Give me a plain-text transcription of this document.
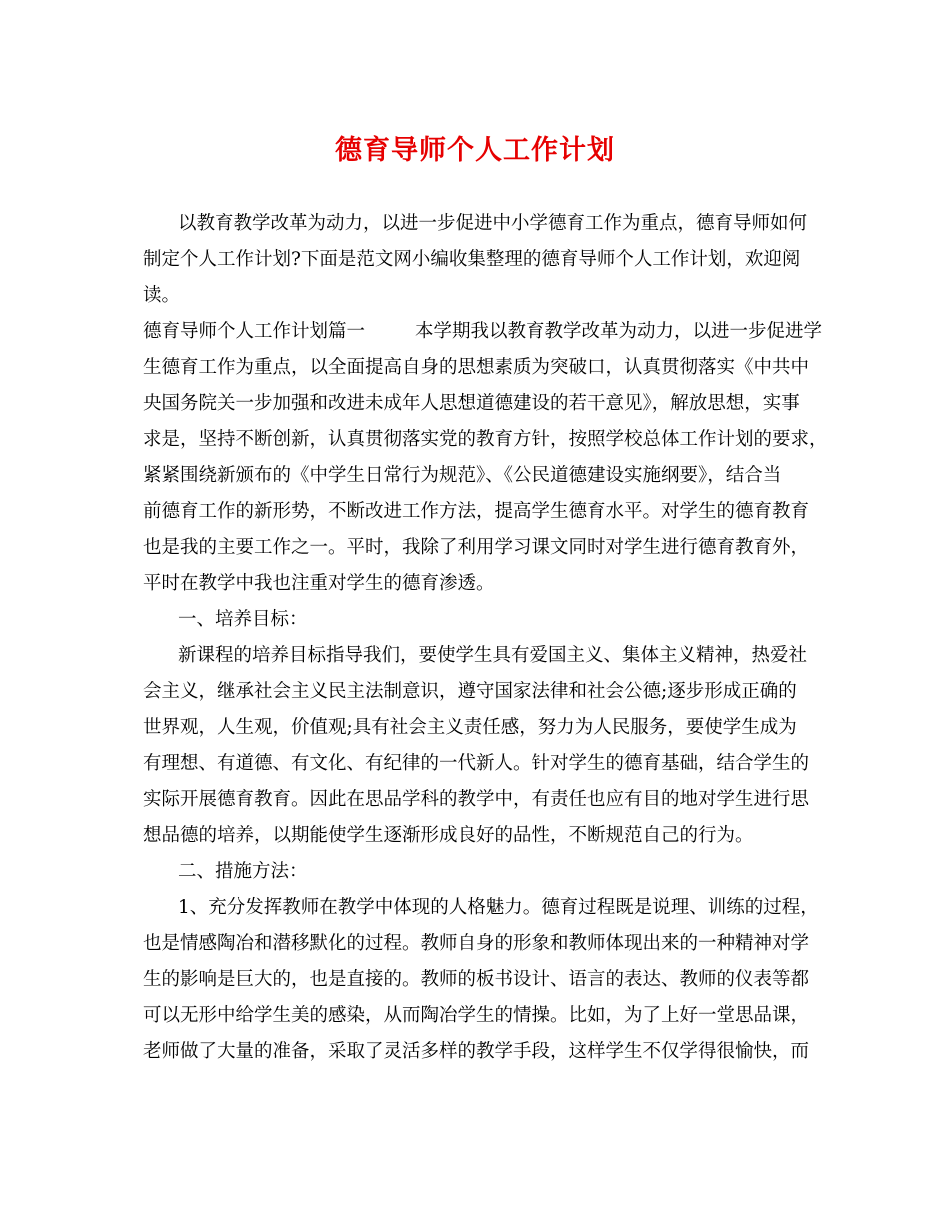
德育导师个人工作计划
以教育教学改革为动力，以进一步促进中小学德育工作为重点，德育导师如何
制定个人工作计划?下面是范文网小编收集整理的德育导师个人工作计划，欢迎阅
读。
德育导师个人工作计划篇一	本学期我以教育教学改革为动力，以进一步促进学
生德育工作为重点，以全面提高自身的思想素质为突破口，认真贯彻落实《中共中
央国务院关一步加强和改进未成年人思想道德建设的若干意见》，解放思想，实事
求是，坚持不断创新，认真贯彻落实党的教育方针，按照学校总体工作计划的要求，
紧紧围绕新颁布的《中学生日常行为规范》、《公民道德建设实施纲要》，结合当
前德育工作的新形势，不断改进工作方法，提高学生德育水平。对学生的德育教育
也是我的主要工作之一。平时，我除了利用学习课文同时对学生进行德育教育外，
平时在教学中我也注重对学生的德育渗透。
一、培养目标：
新课程的培养目标指导我们，要使学生具有爱国主义、集体主义精神，热爱社
会主义，继承社会主义民主法制意识，遵守国家法律和社会公德;逐步形成正确的
世界观，人生观，价值观;具有社会主义责任感，努力为人民服务，要使学生成为
有理想、有道德、有文化、有纪律的一代新人。针对学生的德育基础，结合学生的
实际开展德育教育。因此在思品学科的教学中，有责任也应有目的地对学生进行思
想品德的培养，以期能使学生逐渐形成良好的品性，不断规范自己的行为。
二、措施方法：
1、充分发挥教师在教学中体现的人格魅力。德育过程既是说理、训练的过程，
也是情感陶冶和潜移默化的过程。教师自身的形象和教师体现出来的一种精神对学
生的影响是巨大的，也是直接的。教师的板书设计、语言的表达、教师的仪表等都
可以无形中给学生美的感染，从而陶冶学生的情操。比如，为了上好一堂思品课，
老师做了大量的准备，采取了灵活多样的教学手段，这样学生不仅学得很愉快，而
